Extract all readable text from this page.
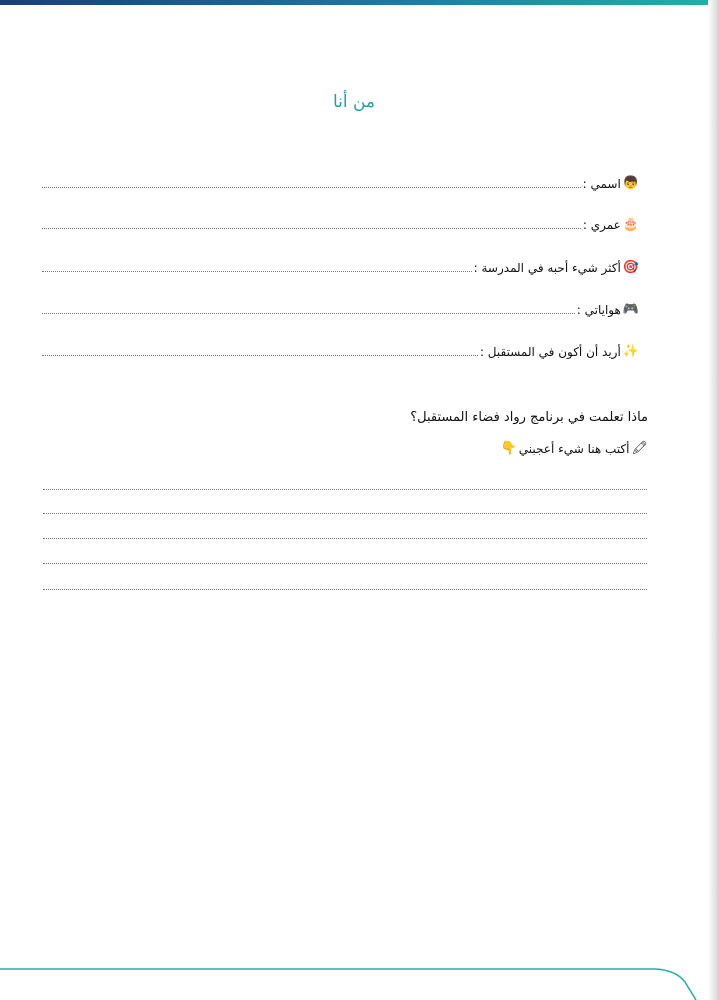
من أنا
👦
اسمي :
🎂
عمري :
🎯
أكثر شيء أحبه في المدرسة :
🎮
هواياتي :
✨
أريد أن أكون في المستقبل :
ماذا تعلمت في برنامج رواد فضاء المستقبل؟
🖍
أكتب هنا شيء أعجبني
👇
